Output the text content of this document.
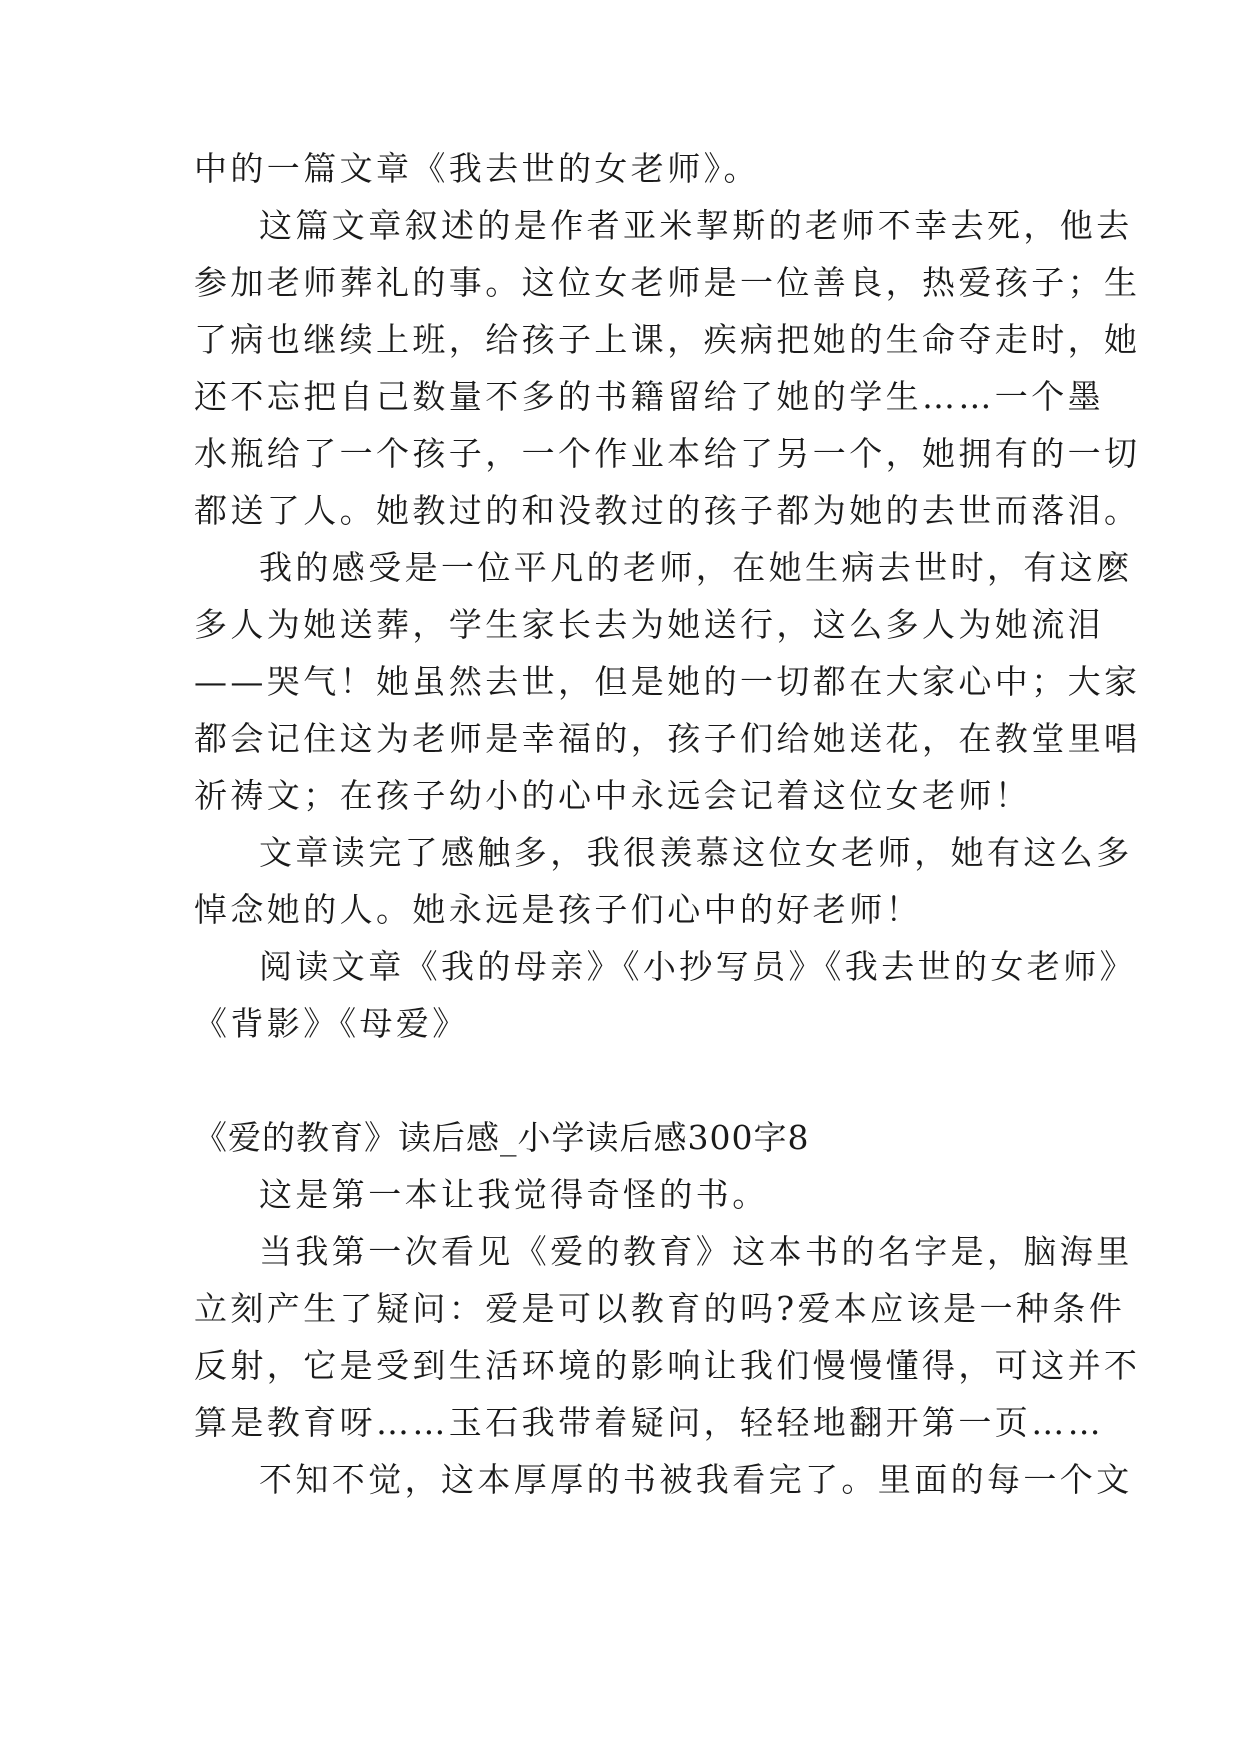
中的一篇文章《我去世的女老师》。
这篇文章叙述的是作者亚米挈斯的老师不幸去死，他去
参加老师葬礼的事。这位女老师是一位善良，热爱孩子；生
了病也继续上班，给孩子上课，疾病把她的生命夺走时，她
还不忘把自己数量不多的书籍留给了她的学生……一个墨
水瓶给了一个孩子，一个作业本给了另一个，她拥有的一切
都送了人。她教过的和没教过的孩子都为她的去世而落泪。
我的感受是一位平凡的老师，在她生病去世时，有这麽
多人为她送葬，学生家长去为她送行，这么多人为她流泪
——哭气！她虽然去世，但是她的一切都在大家心中；大家
都会记住这为老师是幸福的，孩子们给她送花，在教堂里唱
祈祷文；在孩子幼小的心中永远会记着这位女老师！
文章读完了感触多，我很羡慕这位女老师，她有这么多
悼念她的人。她永远是孩子们心中的好老师！
阅读文章《我的母亲》《小抄写员》《我去世的女老师》
《背影》《母爱》
《爱的教育》读后感_小学读后感300字8
这是第一本让我觉得奇怪的书。
当我第一次看见《爱的教育》这本书的名字是，脑海里
立刻产生了疑问：爱是可以教育的吗?爱本应该是一种条件
反射，它是受到生活环境的影响让我们慢慢懂得，可这并不
算是教育呀……玉石我带着疑问，轻轻地翻开第一页……
不知不觉，这本厚厚的书被我看完了。里面的每一个文
